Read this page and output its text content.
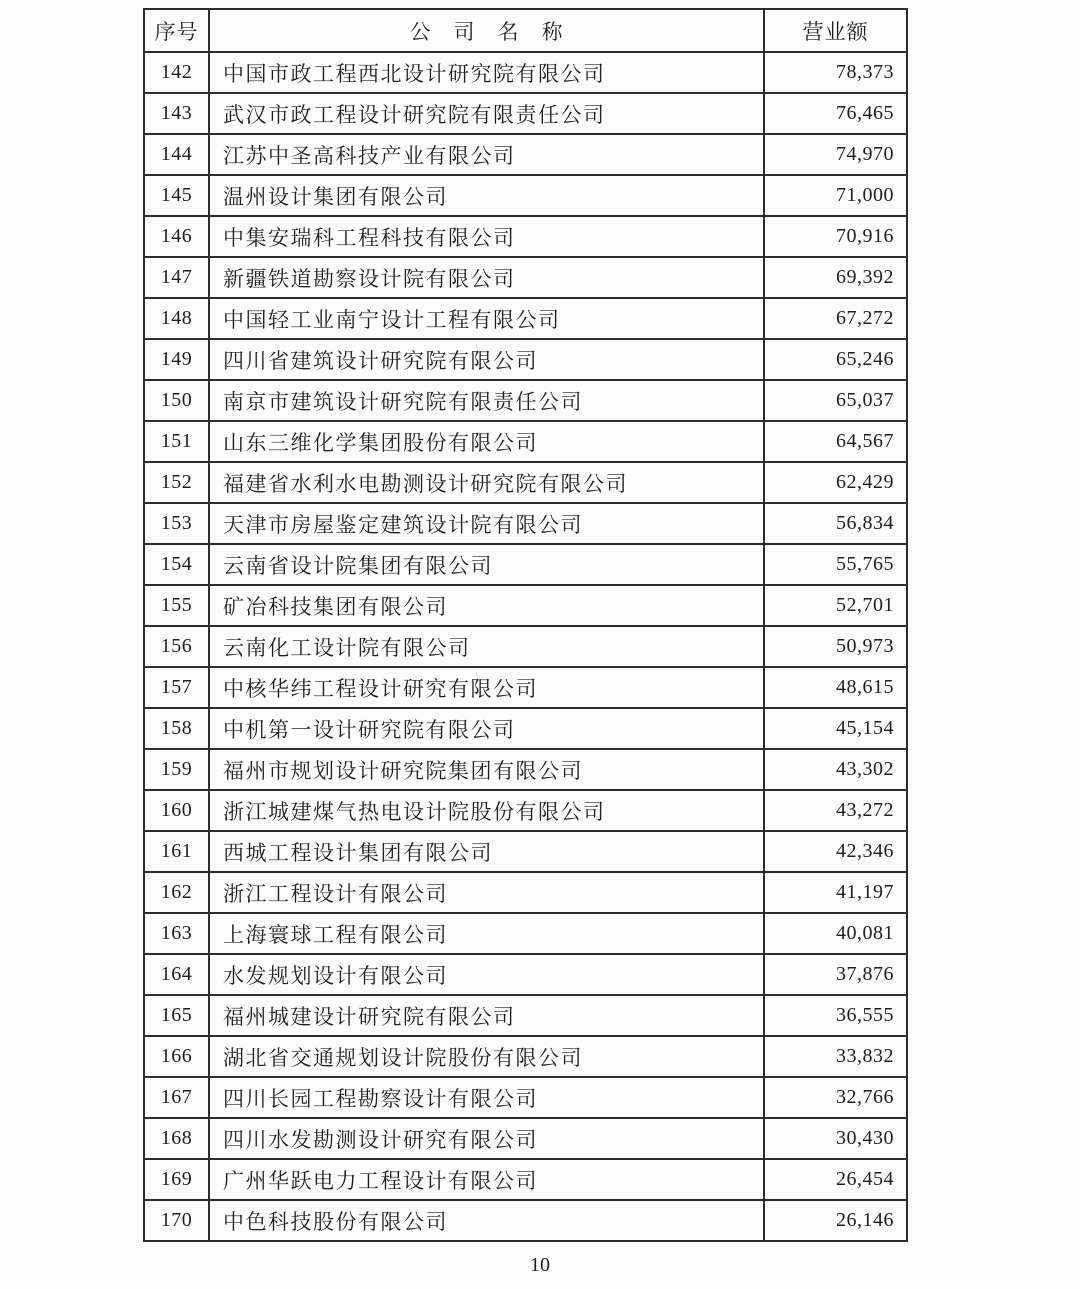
序号	公　司　名　称	营业额
142	中国市政工程西北设计研究院有限公司	78,373
143	武汉市政工程设计研究院有限责任公司	76,465
144	江苏中圣高科技产业有限公司	74,970
145	温州设计集团有限公司	71,000
146	中集安瑞科工程科技有限公司	70,916
147	新疆铁道勘察设计院有限公司	69,392
148	中国轻工业南宁设计工程有限公司	67,272
149	四川省建筑设计研究院有限公司	65,246
150	南京市建筑设计研究院有限责任公司	65,037
151	山东三维化学集团股份有限公司	64,567
152	福建省水利水电勘测设计研究院有限公司	62,429
153	天津市房屋鉴定建筑设计院有限公司	56,834
154	云南省设计院集团有限公司	55,765
155	矿冶科技集团有限公司	52,701
156	云南化工设计院有限公司	50,973
157	中核华纬工程设计研究有限公司	48,615
158	中机第一设计研究院有限公司	45,154
159	福州市规划设计研究院集团有限公司	43,302
160	浙江城建煤气热电设计院股份有限公司	43,272
161	西城工程设计集团有限公司	42,346
162	浙江工程设计有限公司	41,197
163	上海寰球工程有限公司	40,081
164	水发规划设计有限公司	37,876
165	福州城建设计研究院有限公司	36,555
166	湖北省交通规划设计院股份有限公司	33,832
167	四川长园工程勘察设计有限公司	32,766
168	四川水发勘测设计研究有限公司	30,430
169	广州华跃电力工程设计有限公司	26,454
170	中色科技股份有限公司	26,146
10
